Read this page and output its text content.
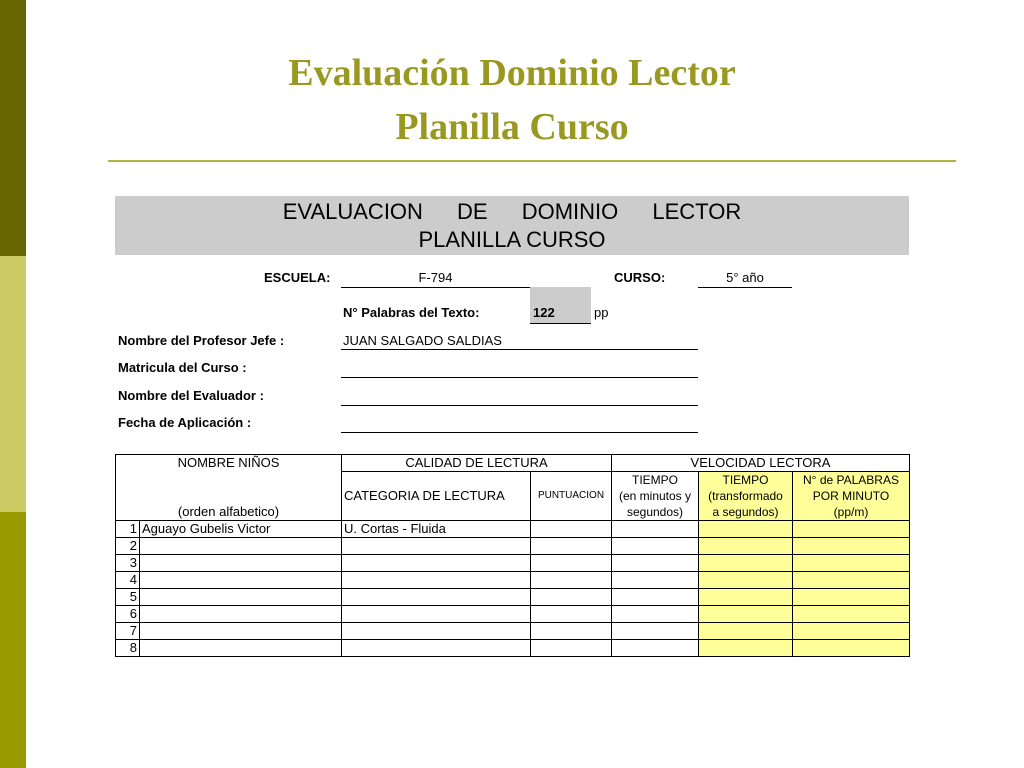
Evaluación Dominio Lector
Planilla Curso
EVALUACION DE DOMINIO LECTOR
PLANILLA CURSO
ESCUELA:	F-794	CURSO:	5° año
N° Palabras del Texto:	122	pp
Nombre del Profesor Jefe :	JUAN SALGADO SALDIAS
Matricula del Curso :
Nombre del Evaluador :
Fecha de Aplicación :
NOMBRE NIÑOS		CALIDAD DE LECTURA		VELOCIDAD LECTORA		
		CATEGORIA DE LECTURA	PUNTUACION	TIEMPO	TIEMPO	N° de PALABRAS
				(en minutos y	(transformado	POR MINUTO
(orden alfabetico)				segundos)	a segundos)	(pp/m)
1	Aguayo Gubelis Victor	U. Cortas - Fluida				
2						
3						
4						
5						
6						
7						
8						
